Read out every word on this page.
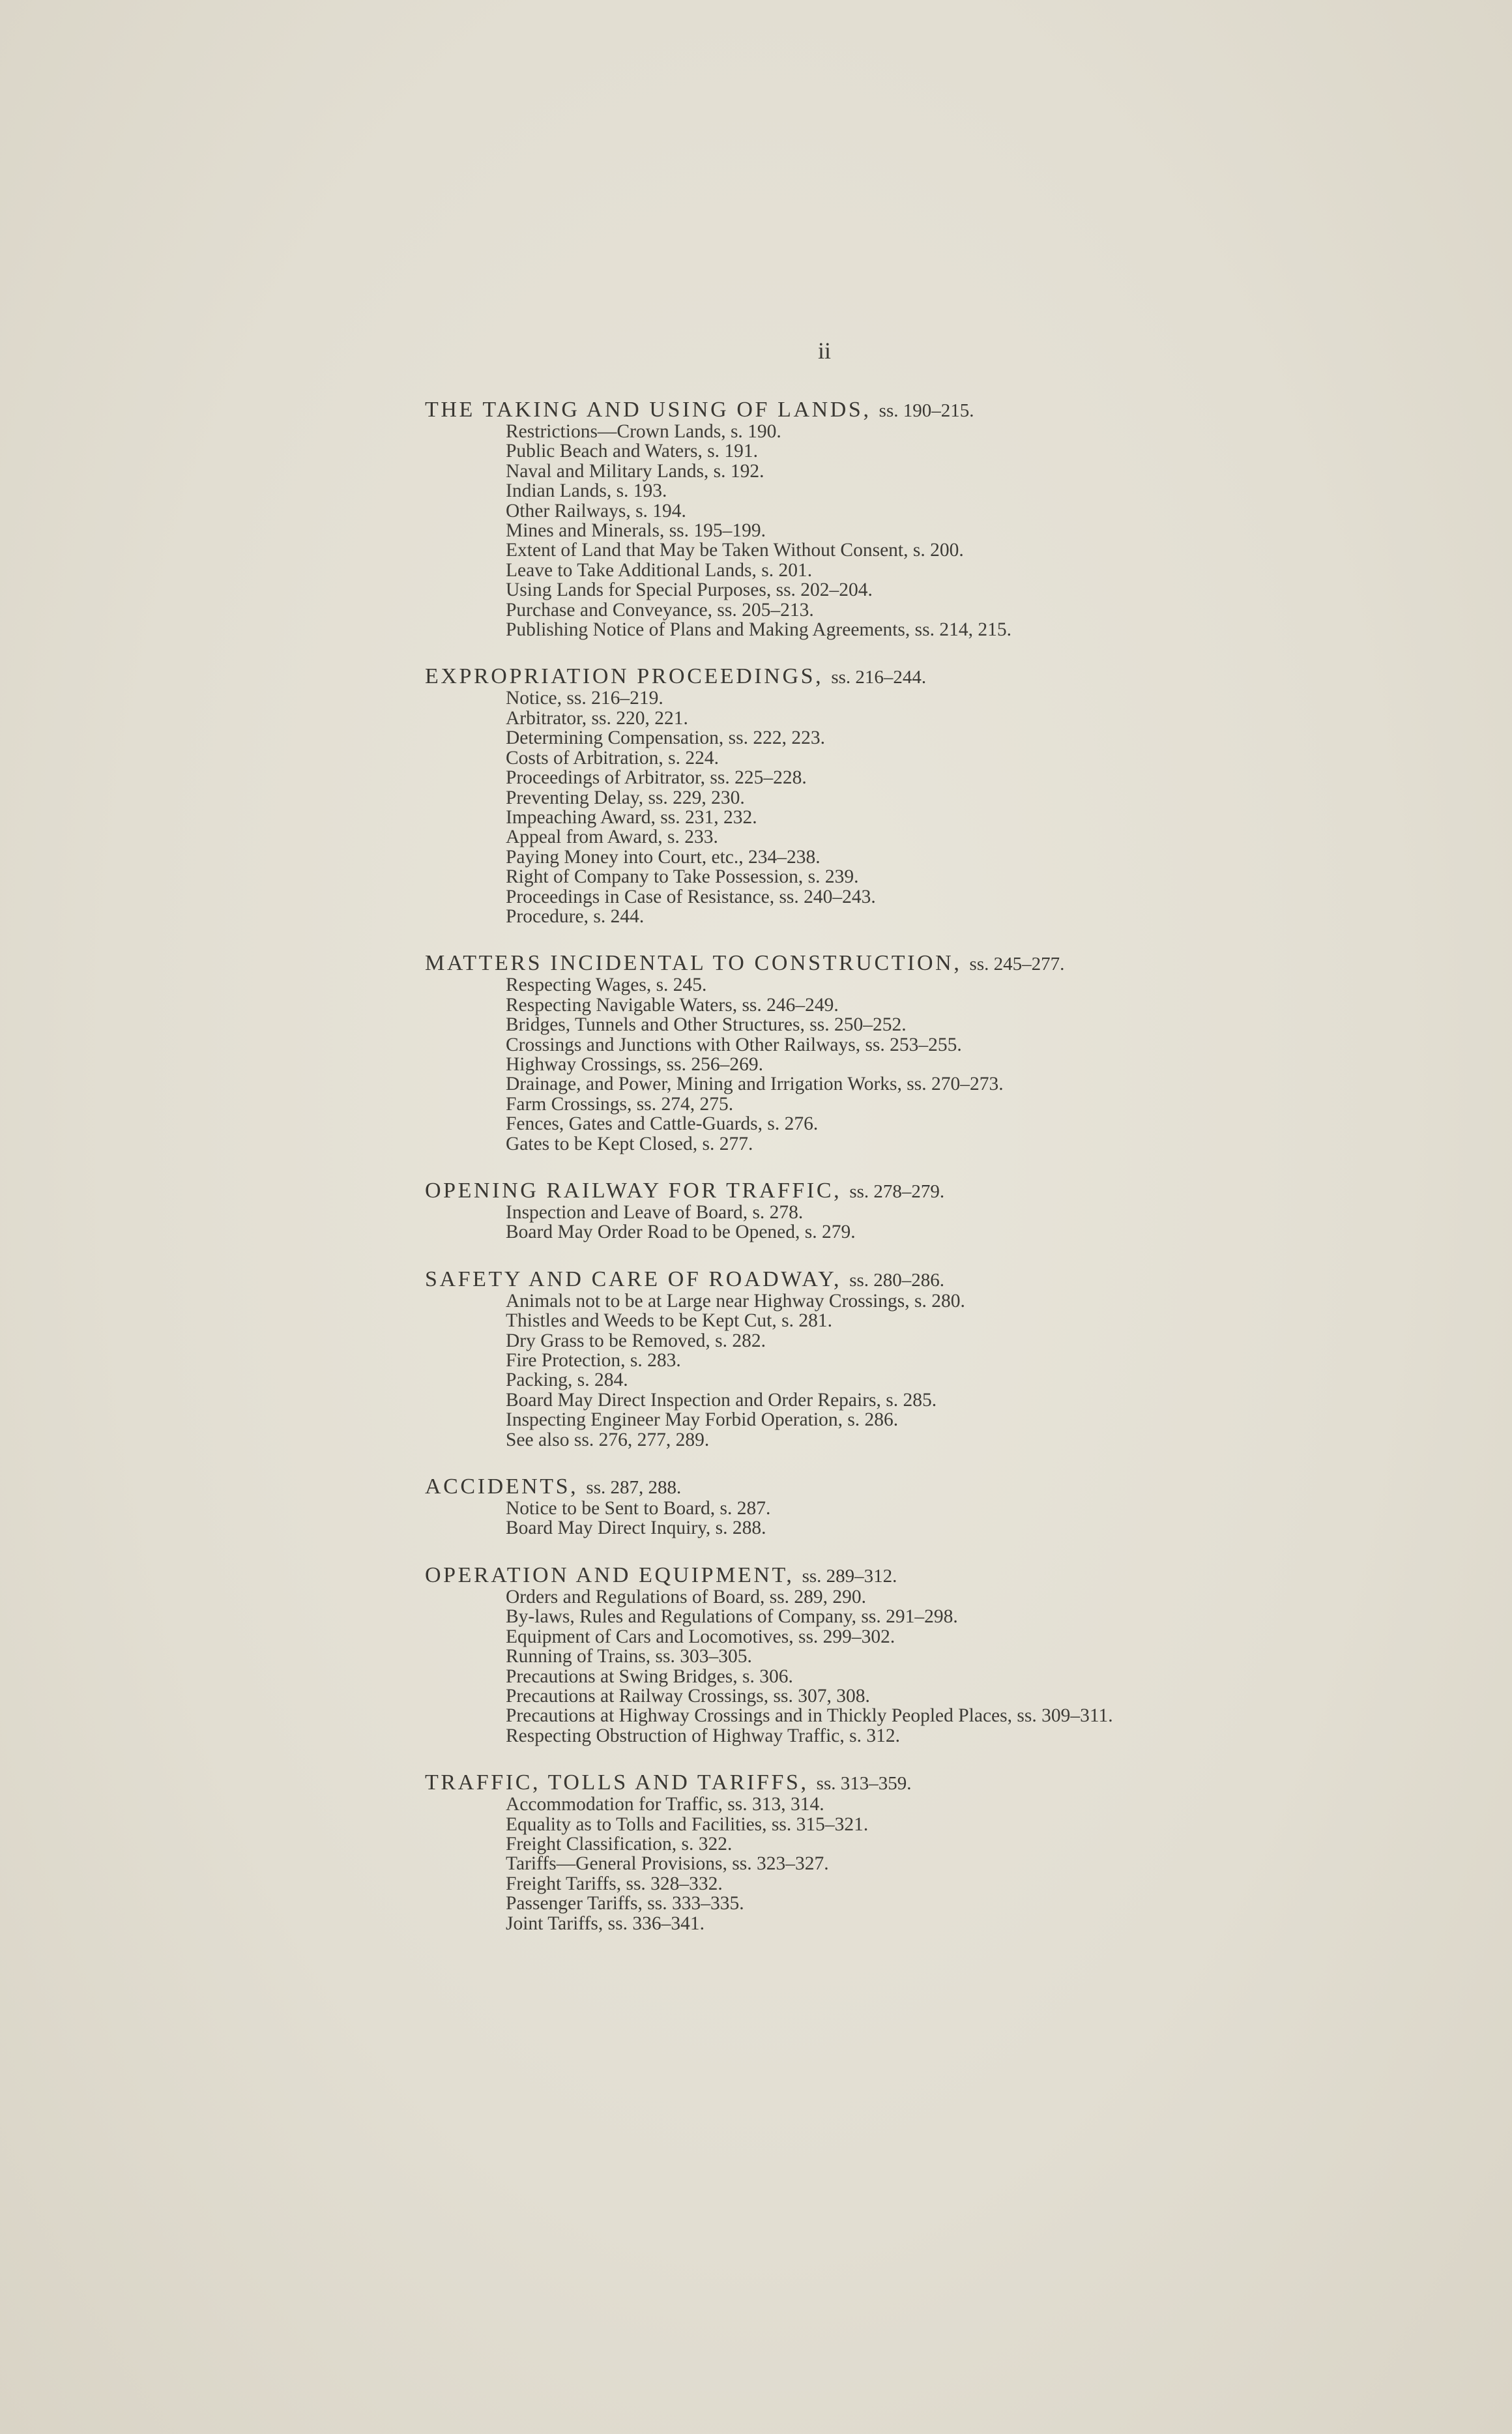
ii
THE TAKING AND USING OF LANDS, ss. 190–215.
Restrictions—Crown Lands, s. 190.
Public Beach and Waters, s. 191.
Naval and Military Lands, s. 192.
Indian Lands, s. 193.
Other Railways, s. 194.
Mines and Minerals, ss. 195–199.
Extent of Land that May be Taken Without Consent, s. 200.
Leave to Take Additional Lands, s. 201.
Using Lands for Special Purposes, ss. 202–204.
Purchase and Conveyance, ss. 205–213.
Publishing Notice of Plans and Making Agreements, ss. 214, 215.
EXPROPRIATION PROCEEDINGS, ss. 216–244.
Notice, ss. 216–219.
Arbitrator, ss. 220, 221.
Determining Compensation, ss. 222, 223.
Costs of Arbitration, s. 224.
Proceedings of Arbitrator, ss. 225–228.
Preventing Delay, ss. 229, 230.
Impeaching Award, ss. 231, 232.
Appeal from Award, s. 233.
Paying Money into Court, etc., 234–238.
Right of Company to Take Possession, s. 239.
Proceedings in Case of Resistance, ss. 240–243.
Procedure, s. 244.
MATTERS INCIDENTAL TO CONSTRUCTION, ss. 245–277.
Respecting Wages, s. 245.
Respecting Navigable Waters, ss. 246–249.
Bridges, Tunnels and Other Structures, ss. 250–252.
Crossings and Junctions with Other Railways, ss. 253–255.
Highway Crossings, ss. 256–269.
Drainage, and Power, Mining and Irrigation Works, ss. 270–273.
Farm Crossings, ss. 274, 275.
Fences, Gates and Cattle-Guards, s. 276.
Gates to be Kept Closed, s. 277.
OPENING RAILWAY FOR TRAFFIC, ss. 278–279.
Inspection and Leave of Board, s. 278.
Board May Order Road to be Opened, s. 279.
SAFETY AND CARE OF ROADWAY, ss. 280–286.
Animals not to be at Large near Highway Crossings, s. 280.
Thistles and Weeds to be Kept Cut, s. 281.
Dry Grass to be Removed, s. 282.
Fire Protection, s. 283.
Packing, s. 284.
Board May Direct Inspection and Order Repairs, s. 285.
Inspecting Engineer May Forbid Operation, s. 286.
See also ss. 276, 277, 289.
ACCIDENTS, ss. 287, 288.
Notice to be Sent to Board, s. 287.
Board May Direct Inquiry, s. 288.
OPERATION AND EQUIPMENT, ss. 289–312.
Orders and Regulations of Board, ss. 289, 290.
By-laws, Rules and Regulations of Company, ss. 291–298.
Equipment of Cars and Locomotives, ss. 299–302.
Running of Trains, ss. 303–305.
Precautions at Swing Bridges, s. 306.
Precautions at Railway Crossings, ss. 307, 308.
Precautions at Highway Crossings and in Thickly Peopled Places, ss. 309–311.
Respecting Obstruction of Highway Traffic, s. 312.
TRAFFIC, TOLLS AND TARIFFS, ss. 313–359.
Accommodation for Traffic, ss. 313, 314.
Equality as to Tolls and Facilities, ss. 315–321.
Freight Classification, s. 322.
Tariffs—General Provisions, ss. 323–327.
Freight Tariffs, ss. 328–332.
Passenger Tariffs, ss. 333–335.
Joint Tariffs, ss. 336–341.
